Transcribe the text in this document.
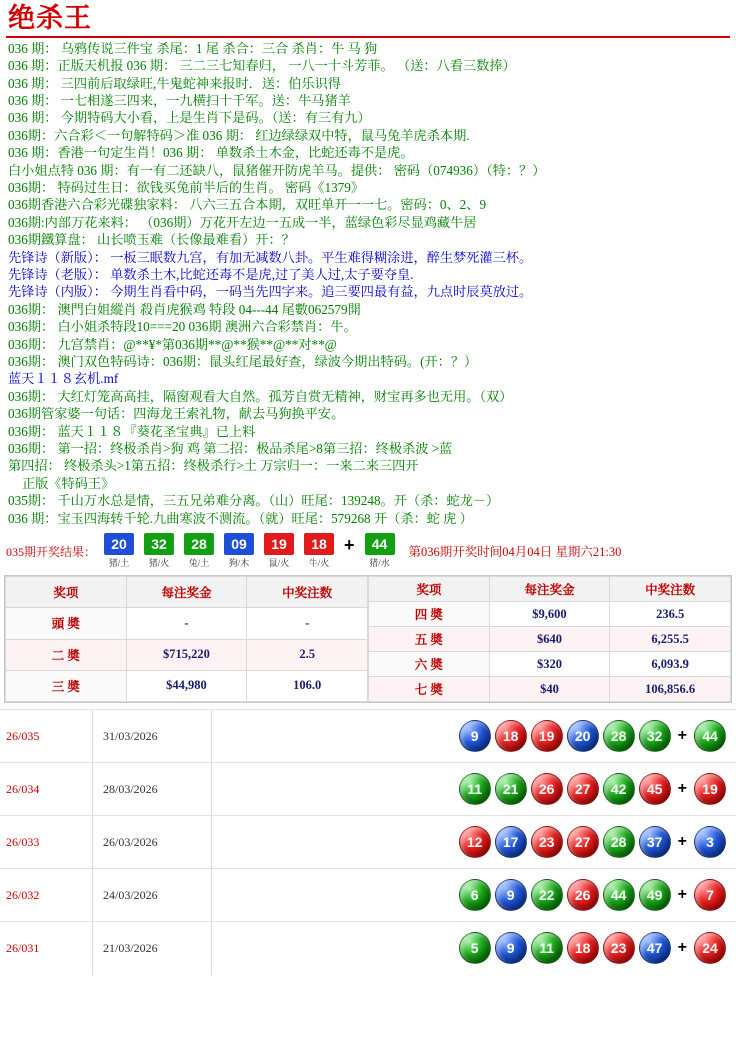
绝杀王
036 期： 乌鸦传说三件宝 杀尾：1 尾 杀合：三合 杀肖：牛 马 狗
036 期：正版天机报 036 期： 三二三七知春归， 一八一十斗芳菲。 （送：八看三数捧）
036 期： 三四前后取绿旺,牛鬼蛇神来报时．送：伯乐识得
036 期： 一七相遂三四来，一九横扫十千军。送：牛马猪羊
036 期： 今期特码大小看，上是生肖下是码。（送：有三有九）
036期：六合彩＜一句解特码＞准 036 期： 红边绿绿双中特，鼠马兔羊虎杀本期.
036 期：香港一句定生肖！036 期： 单数杀土木金，比蛇还毒不是虎。
白小姐点特 036 期：有一有二还缺八，鼠猪催开防虎羊马。提供： 密码（074936）（特：？）
036期： 特码过生日：欲钱买兔前半后的生肖。 密码《1379》
036期香港六合彩光碟独家料： 八六三五合本期，双旺单开一一七。密码：0、2、9
036期:内部万花来料： （036期）万花开左边一五成一半，蓝绿色彩尽显鸡藏牛居
036期鐵算盘： 山长喷玉难（长像最难看）开：？
先锋诗（新版）： 一板三眠数九宫，有加无减数八卦。平生难得糊涂进，醉生梦死灌三杯。
先锋诗（老版）： 单数杀土木,比蛇还毒不是虎,过了美人过,太子要夺皇.
先锋诗（内版）： 今期生肖看中码，一码当先四字来。追三要四最有益，九点时辰莫放过。
036期： 澳門白姐縱肖 殺肖虎猴鸡 特段 04---44 尾數062579開
036期： 白小姐杀特段10===20 036期 澳洲六合彩禁肖：牛。
036期： 九宫禁肖：@**¥*第036期**@**猴**@**对**@
036期： 澳门双色特码诗：036期：鼠头红尾最好查，绿波今期出特码。(开：？）
蓝天１１８玄机.mf
036期： 大红灯笼高高挂，隔窗观看大自然。孤芳自赏无精神，财宝再多也无用。（双）
036期管家婆一句话：四海龙王索礼物，献去马狗换平安。
036期： 蓝天１１８『葵花圣宝典』已上料
036期： 第一招：终极杀肖>狗 鸡 第二招：极品杀尾>8第三招：终极杀波 >蓝
第四招： 终极杀头>1第五招：终极杀行>土 万宗归一：一来二来三四开
正版《特码王》
035期： 千山万水总是情，三五兄弟难分离。（山）旺尾：139248。开（杀：蛇龙－）
036 期：宝玉四海转千轮.九曲寒波不测流。（就）旺尾：579268 开（杀：蛇 虎 ）
035期开奖结果：	20
猪/土
32
猪/火
28
兔/土
09
狗/木
19
鼠/火
18
牛/火
+	44
猪/水
第036期开奖时间04月04日 星期六21:30
奖项	每注奖金	中奖注数
頭 奬	-	-
二 奬	$715,220	2.5
三 奬	$44,980	106.0
奖项	每注奖金	中奖注数
四 奬	$9,600	236.5
五 奬	$640	6,255.5
六 奬	$320	6,093.9
七 奬	$40	106,856.6
26/035	31/03/2026	9	18	19	20	28	32 +	44
26/034	28/03/2026	11	21	26	27	42	45 +	19
26/033	26/03/2026	12	17	23	27	28	37 +	3
26/032	24/03/2026	6	9	22	26	44	49 +	7
26/031	21/03/2026	5	9	11	18	23	47 +	24
